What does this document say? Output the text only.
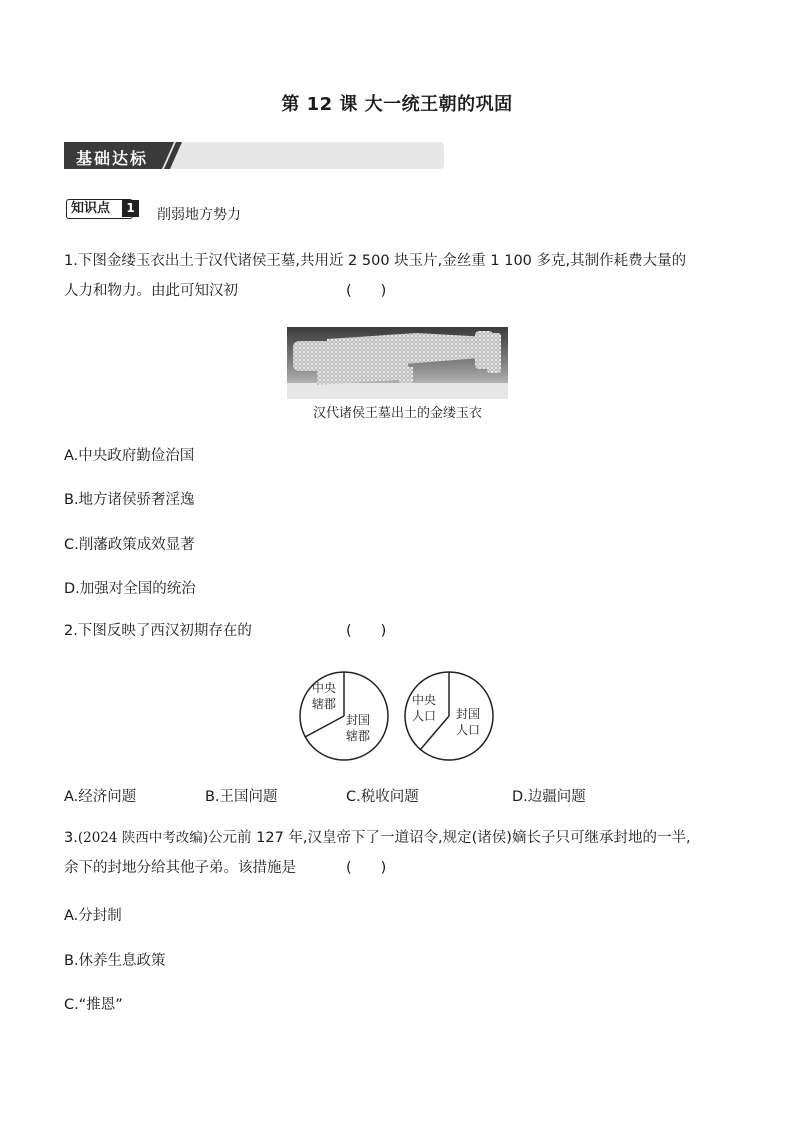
第 12 课 大一统王朝的巩固
基础达标
知识点	1	削弱地方势力
1.下图金缕玉衣出土于汉代诸侯王墓,共用近 2 500 块玉片,金丝重 1 100 多克,其制作耗费大量的
人力和物力。由此可知汉初	(　　)
汉代诸侯王墓出土的金缕玉衣
A.中央政府勤俭治国
B.地方诸侯骄奢淫逸
C.削藩政策成效显著
D.加强对全国的统治
2.下图反映了西汉初期存在的	(　　)
中央
辖郡
封国
辖郡
中央
人口 封国
人口
A.经济问题	B.王国问题	C.税收问题	D.边疆问题
3.(2024 陕西中考改编)公元前 127 年,汉皇帝下了一道诏令,规定(诸侯)嫡长子只可继承封地的一半,
余下的封地分给其他子弟。该措施是	(　　)
A.分封制
B.休养生息政策
C.“推恩”
